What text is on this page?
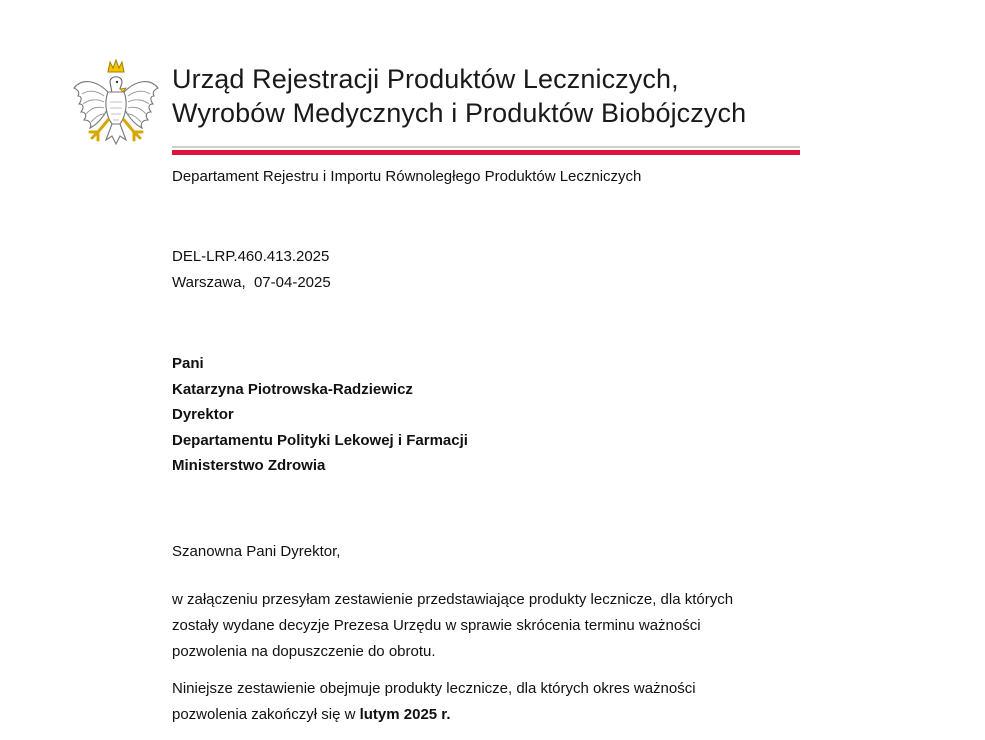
Urząd Rejestracji Produktów Leczniczych,
Wyrobów Medycznych i Produktów Biobójczych
Departament Rejestru i Importu Równoległego Produktów Leczniczych
DEL-LRP.460.413.2025
Warszawa,  07-04-2025
Pani
Katarzyna Piotrowska-Radziewicz
Dyrektor
Departamentu Polityki Lekowej i Farmacji
Ministerstwo Zdrowia
Szanowna Pani Dyrektor,
w załączeniu przesyłam zestawienie przedstawiające produkty lecznicze, dla których
zostały wydane decyzje Prezesa Urzędu w sprawie skrócenia terminu ważności
pozwolenia na dopuszczenie do obrotu.
Niniejsze zestawienie obejmuje produkty lecznicze, dla których okres ważności
pozwolenia zakończył się w lutym 2025 r.
